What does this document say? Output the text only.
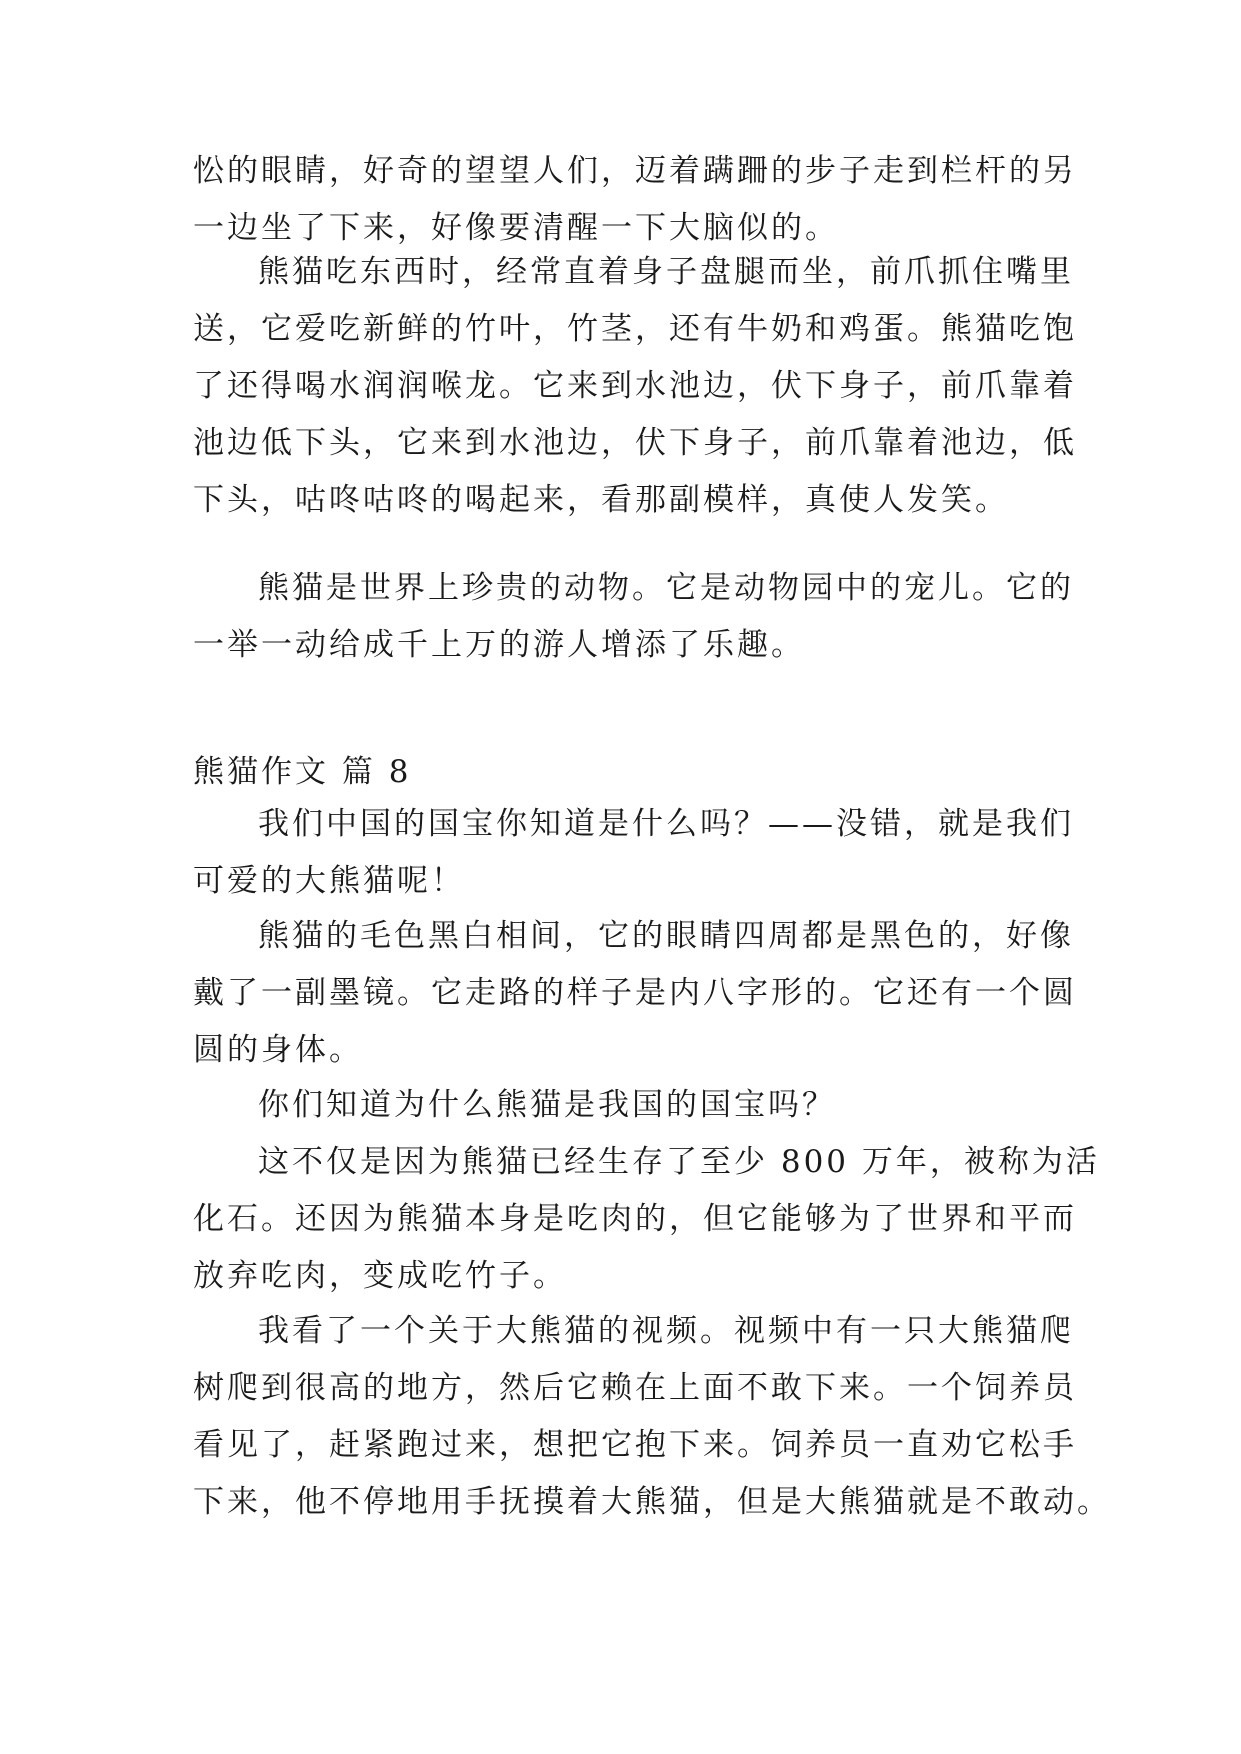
忪的眼睛，好奇的望望人们，迈着蹒跚的步子走到栏杆的另
一边坐了下来，好像要清醒一下大脑似的。
熊猫吃东西时，经常直着身子盘腿而坐，前爪抓住嘴里
送，它爱吃新鲜的竹叶，竹茎，还有牛奶和鸡蛋。熊猫吃饱
了还得喝水润润喉龙。它来到水池边，伏下身子，前爪靠着
池边低下头，它来到水池边，伏下身子，前爪靠着池边，低
下头，咕咚咕咚的喝起来，看那副模样，真使人发笑。
熊猫是世界上珍贵的动物。它是动物园中的宠儿。它的
一举一动给成千上万的游人增添了乐趣。
熊猫作文 篇 8
我们中国的国宝你知道是什么吗？——没错，就是我们
可爱的大熊猫呢！
熊猫的毛色黑白相间，它的眼睛四周都是黑色的，好像
戴了一副墨镜。它走路的样子是内八字形的。它还有一个圆
圆的身体。
你们知道为什么熊猫是我国的国宝吗？
这不仅是因为熊猫已经生存了至少 800 万年，被称为活
化石。还因为熊猫本身是吃肉的，但它能够为了世界和平而
放弃吃肉，变成吃竹子。
我看了一个关于大熊猫的视频。视频中有一只大熊猫爬
树爬到很高的地方，然后它赖在上面不敢下来。一个饲养员
看见了，赶紧跑过来，想把它抱下来。饲养员一直劝它松手
下来，他不停地用手抚摸着大熊猫，但是大熊猫就是不敢动。
